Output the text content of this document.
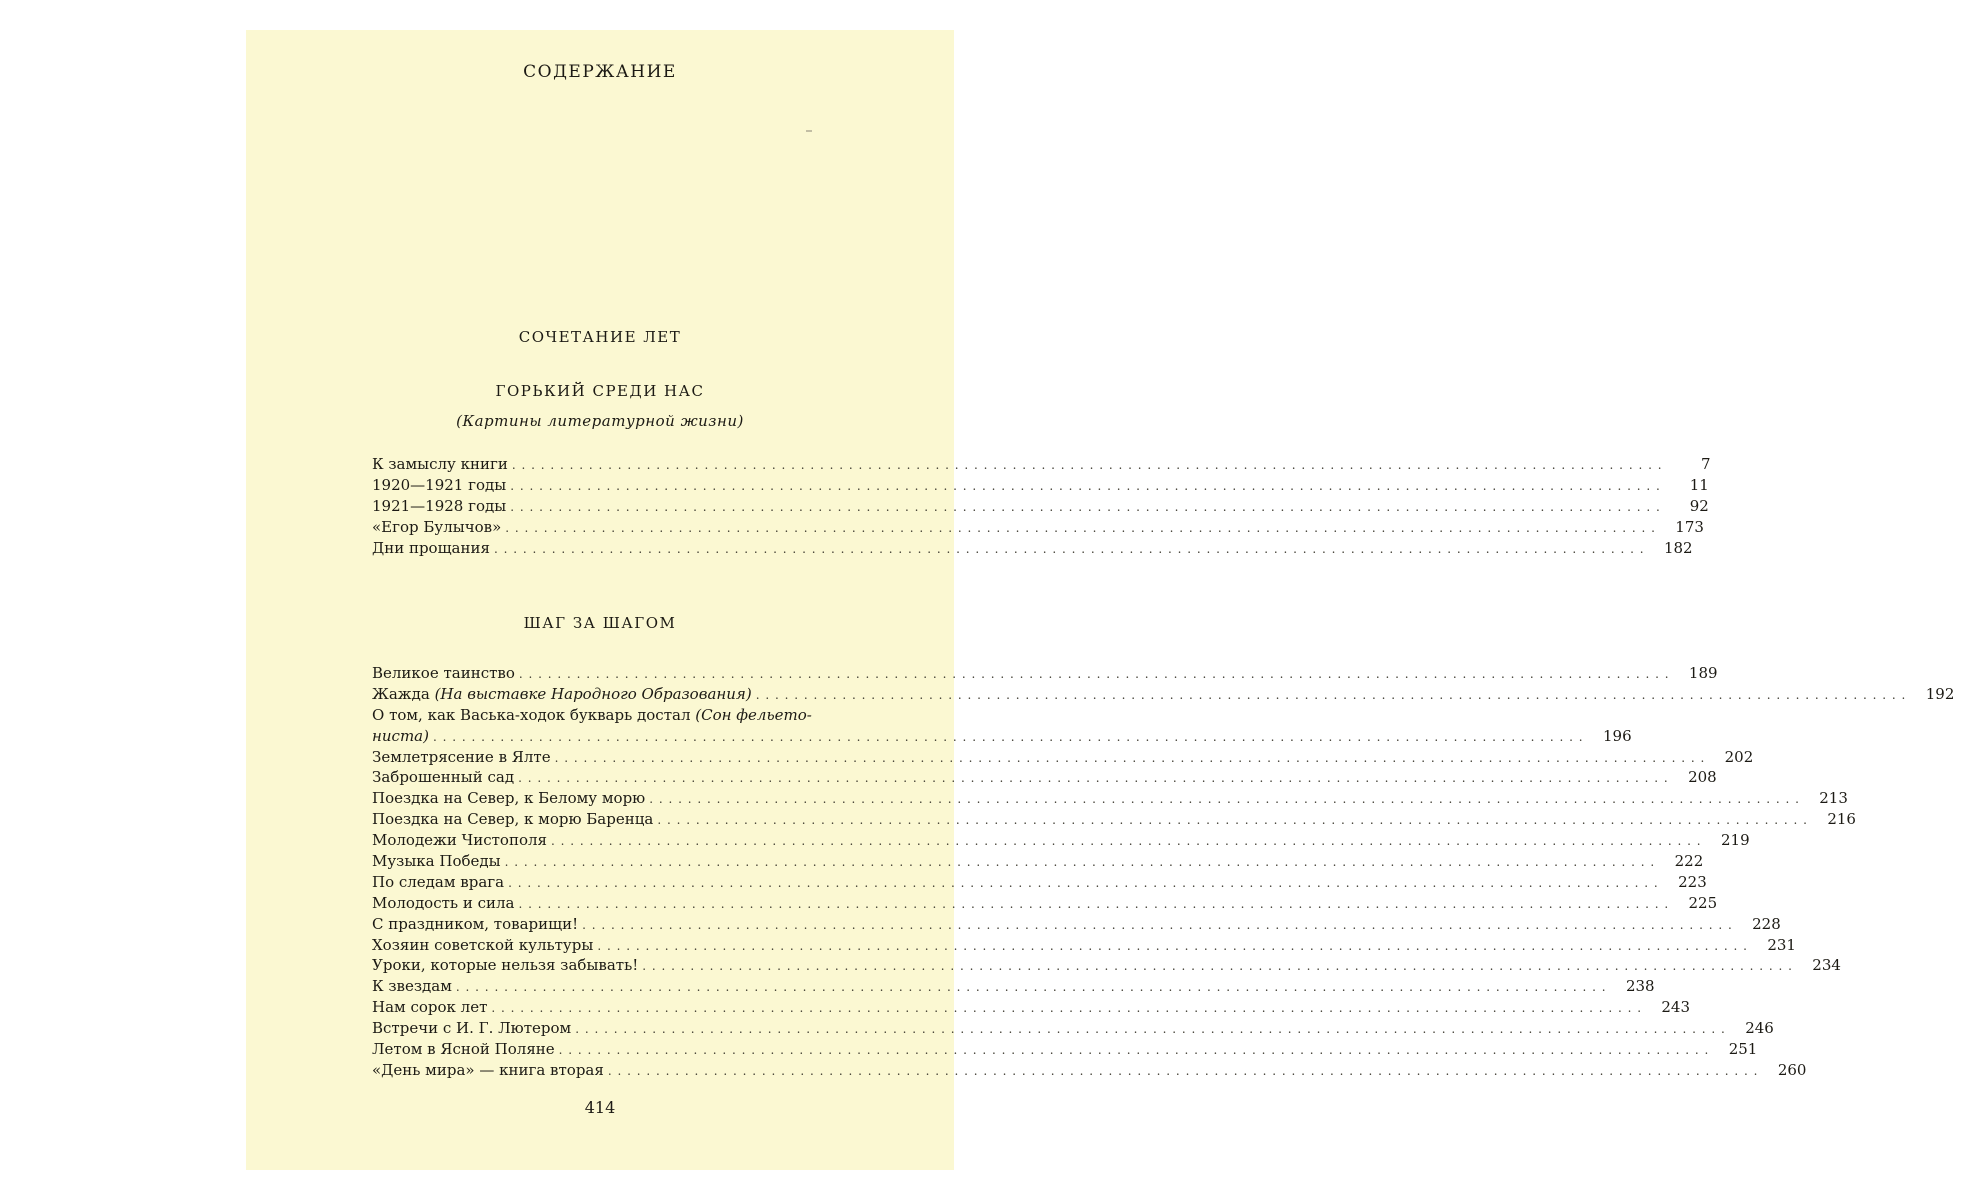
СОДЕРЖАНИЕ
СОЧЕТАНИЕ ЛЕТ
ГОРЬКИЙ СРЕДИ НАС
(Картины литературной жизни)
К замыслу книги . . . . . . . . . . . . . . . . . . . . . . . . . . . . . . . . . . . . . . . . . . . . . . . . . . . . . . . . . . . . . . . . . . . . . . . . . . . . . . . . . . . . . . . . . . . . . . . . . . . . . . . . . . . . . . . . . . . . . . . .	7
1920—1921 годы . . . . . . . . . . . . . . . . . . . . . . . . . . . . . . . . . . . . . . . . . . . . . . . . . . . . . . . . . . . . . . . . . . . . . . . . . . . . . . . . . . . . . . . . . . . . . . . . . . . . . . . . . . . . . . . . . . . . . . . .	11
1921—1928 годы . . . . . . . . . . . . . . . . . . . . . . . . . . . . . . . . . . . . . . . . . . . . . . . . . . . . . . . . . . . . . . . . . . . . . . . . . . . . . . . . . . . . . . . . . . . . . . . . . . . . . . . . . . . . . . . . . . . . . . . .	92
«Егор Булычов» . . . . . . . . . . . . . . . . . . . . . . . . . . . . . . . . . . . . . . . . . . . . . . . . . . . . . . . . . . . . . . . . . . . . . . . . . . . . . . . . . . . . . . . . . . . . . . . . . . . . . . . . . . . . . . . . . . . . . . . .	173
Дни прощания . . . . . . . . . . . . . . . . . . . . . . . . . . . . . . . . . . . . . . . . . . . . . . . . . . . . . . . . . . . . . . . . . . . . . . . . . . . . . . . . . . . . . . . . . . . . . . . . . . . . . . . . . . . . . . . . . . . . . . . .	182
ШАГ ЗА ШАГОМ
Великое таинство . . . . . . . . . . . . . . . . . . . . . . . . . . . . . . . . . . . . . . . . . . . . . . . . . . . . . . . . . . . . . . . . . . . . . . . . . . . . . . . . . . . . . . . . . . . . . . . . . . . . . . . . . . . . . . . . . . . . . . . .	189
Жажда (На выставке Народного Образования) . . . . . . . . . . . . . . . . . . . . . . . . . . . . . . . . . . . . . . . . . . . . . . . . . . . . . . . . . . . . . . . . . . . . . . . . . . . . . . . . . . . . . . . . . . . . . . . . . . . . . . . . . . . . . . . . . . . . . . . .	192
О том, как Васька-ходок букварь достал (Сон фельето-
ниста) . . . . . . . . . . . . . . . . . . . . . . . . . . . . . . . . . . . . . . . . . . . . . . . . . . . . . . . . . . . . . . . . . . . . . . . . . . . . . . . . . . . . . . . . . . . . . . . . . . . . . . . . . . . . . . . . . . . . . . . .	196
Землетрясение в Ялте . . . . . . . . . . . . . . . . . . . . . . . . . . . . . . . . . . . . . . . . . . . . . . . . . . . . . . . . . . . . . . . . . . . . . . . . . . . . . . . . . . . . . . . . . . . . . . . . . . . . . . . . . . . . . . . . . . . . . . . .	202
Заброшенный сад . . . . . . . . . . . . . . . . . . . . . . . . . . . . . . . . . . . . . . . . . . . . . . . . . . . . . . . . . . . . . . . . . . . . . . . . . . . . . . . . . . . . . . . . . . . . . . . . . . . . . . . . . . . . . . . . . . . . . . . .	208
Поездка на Север, к Белому морю . . . . . . . . . . . . . . . . . . . . . . . . . . . . . . . . . . . . . . . . . . . . . . . . . . . . . . . . . . . . . . . . . . . . . . . . . . . . . . . . . . . . . . . . . . . . . . . . . . . . . . . . . . . . . . . . . . . . . . . .	213
Поездка на Север, к морю Баренца . . . . . . . . . . . . . . . . . . . . . . . . . . . . . . . . . . . . . . . . . . . . . . . . . . . . . . . . . . . . . . . . . . . . . . . . . . . . . . . . . . . . . . . . . . . . . . . . . . . . . . . . . . . . . . . . . . . . . . . .	216
Молодежи Чистополя . . . . . . . . . . . . . . . . . . . . . . . . . . . . . . . . . . . . . . . . . . . . . . . . . . . . . . . . . . . . . . . . . . . . . . . . . . . . . . . . . . . . . . . . . . . . . . . . . . . . . . . . . . . . . . . . . . . . . . . .	219
Музыка Победы . . . . . . . . . . . . . . . . . . . . . . . . . . . . . . . . . . . . . . . . . . . . . . . . . . . . . . . . . . . . . . . . . . . . . . . . . . . . . . . . . . . . . . . . . . . . . . . . . . . . . . . . . . . . . . . . . . . . . . . .	222
По следам врага . . . . . . . . . . . . . . . . . . . . . . . . . . . . . . . . . . . . . . . . . . . . . . . . . . . . . . . . . . . . . . . . . . . . . . . . . . . . . . . . . . . . . . . . . . . . . . . . . . . . . . . . . . . . . . . . . . . . . . . .	223
Молодость и сила . . . . . . . . . . . . . . . . . . . . . . . . . . . . . . . . . . . . . . . . . . . . . . . . . . . . . . . . . . . . . . . . . . . . . . . . . . . . . . . . . . . . . . . . . . . . . . . . . . . . . . . . . . . . . . . . . . . . . . . .	225
С праздником, товарищи! . . . . . . . . . . . . . . . . . . . . . . . . . . . . . . . . . . . . . . . . . . . . . . . . . . . . . . . . . . . . . . . . . . . . . . . . . . . . . . . . . . . . . . . . . . . . . . . . . . . . . . . . . . . . . . . . . . . . . . . .	228
Хозяин советской культуры . . . . . . . . . . . . . . . . . . . . . . . . . . . . . . . . . . . . . . . . . . . . . . . . . . . . . . . . . . . . . . . . . . . . . . . . . . . . . . . . . . . . . . . . . . . . . . . . . . . . . . . . . . . . . . . . . . . . . . . .	231
Уроки, которые нельзя забывать! . . . . . . . . . . . . . . . . . . . . . . . . . . . . . . . . . . . . . . . . . . . . . . . . . . . . . . . . . . . . . . . . . . . . . . . . . . . . . . . . . . . . . . . . . . . . . . . . . . . . . . . . . . . . . . . . . . . . . . . .	234
К звездам . . . . . . . . . . . . . . . . . . . . . . . . . . . . . . . . . . . . . . . . . . . . . . . . . . . . . . . . . . . . . . . . . . . . . . . . . . . . . . . . . . . . . . . . . . . . . . . . . . . . . . . . . . . . . . . . . . . . . . . .	238
Нам сорок лет . . . . . . . . . . . . . . . . . . . . . . . . . . . . . . . . . . . . . . . . . . . . . . . . . . . . . . . . . . . . . . . . . . . . . . . . . . . . . . . . . . . . . . . . . . . . . . . . . . . . . . . . . . . . . . . . . . . . . . . .	243
Встречи с И. Г. Лютером . . . . . . . . . . . . . . . . . . . . . . . . . . . . . . . . . . . . . . . . . . . . . . . . . . . . . . . . . . . . . . . . . . . . . . . . . . . . . . . . . . . . . . . . . . . . . . . . . . . . . . . . . . . . . . . . . . . . . . . .	246
Летом в Ясной Поляне . . . . . . . . . . . . . . . . . . . . . . . . . . . . . . . . . . . . . . . . . . . . . . . . . . . . . . . . . . . . . . . . . . . . . . . . . . . . . . . . . . . . . . . . . . . . . . . . . . . . . . . . . . . . . . . . . . . . . . . .	251
«День мира» — книга вторая . . . . . . . . . . . . . . . . . . . . . . . . . . . . . . . . . . . . . . . . . . . . . . . . . . . . . . . . . . . . . . . . . . . . . . . . . . . . . . . . . . . . . . . . . . . . . . . . . . . . . . . . . . . . . . . . . . . . . . . .	260
414
